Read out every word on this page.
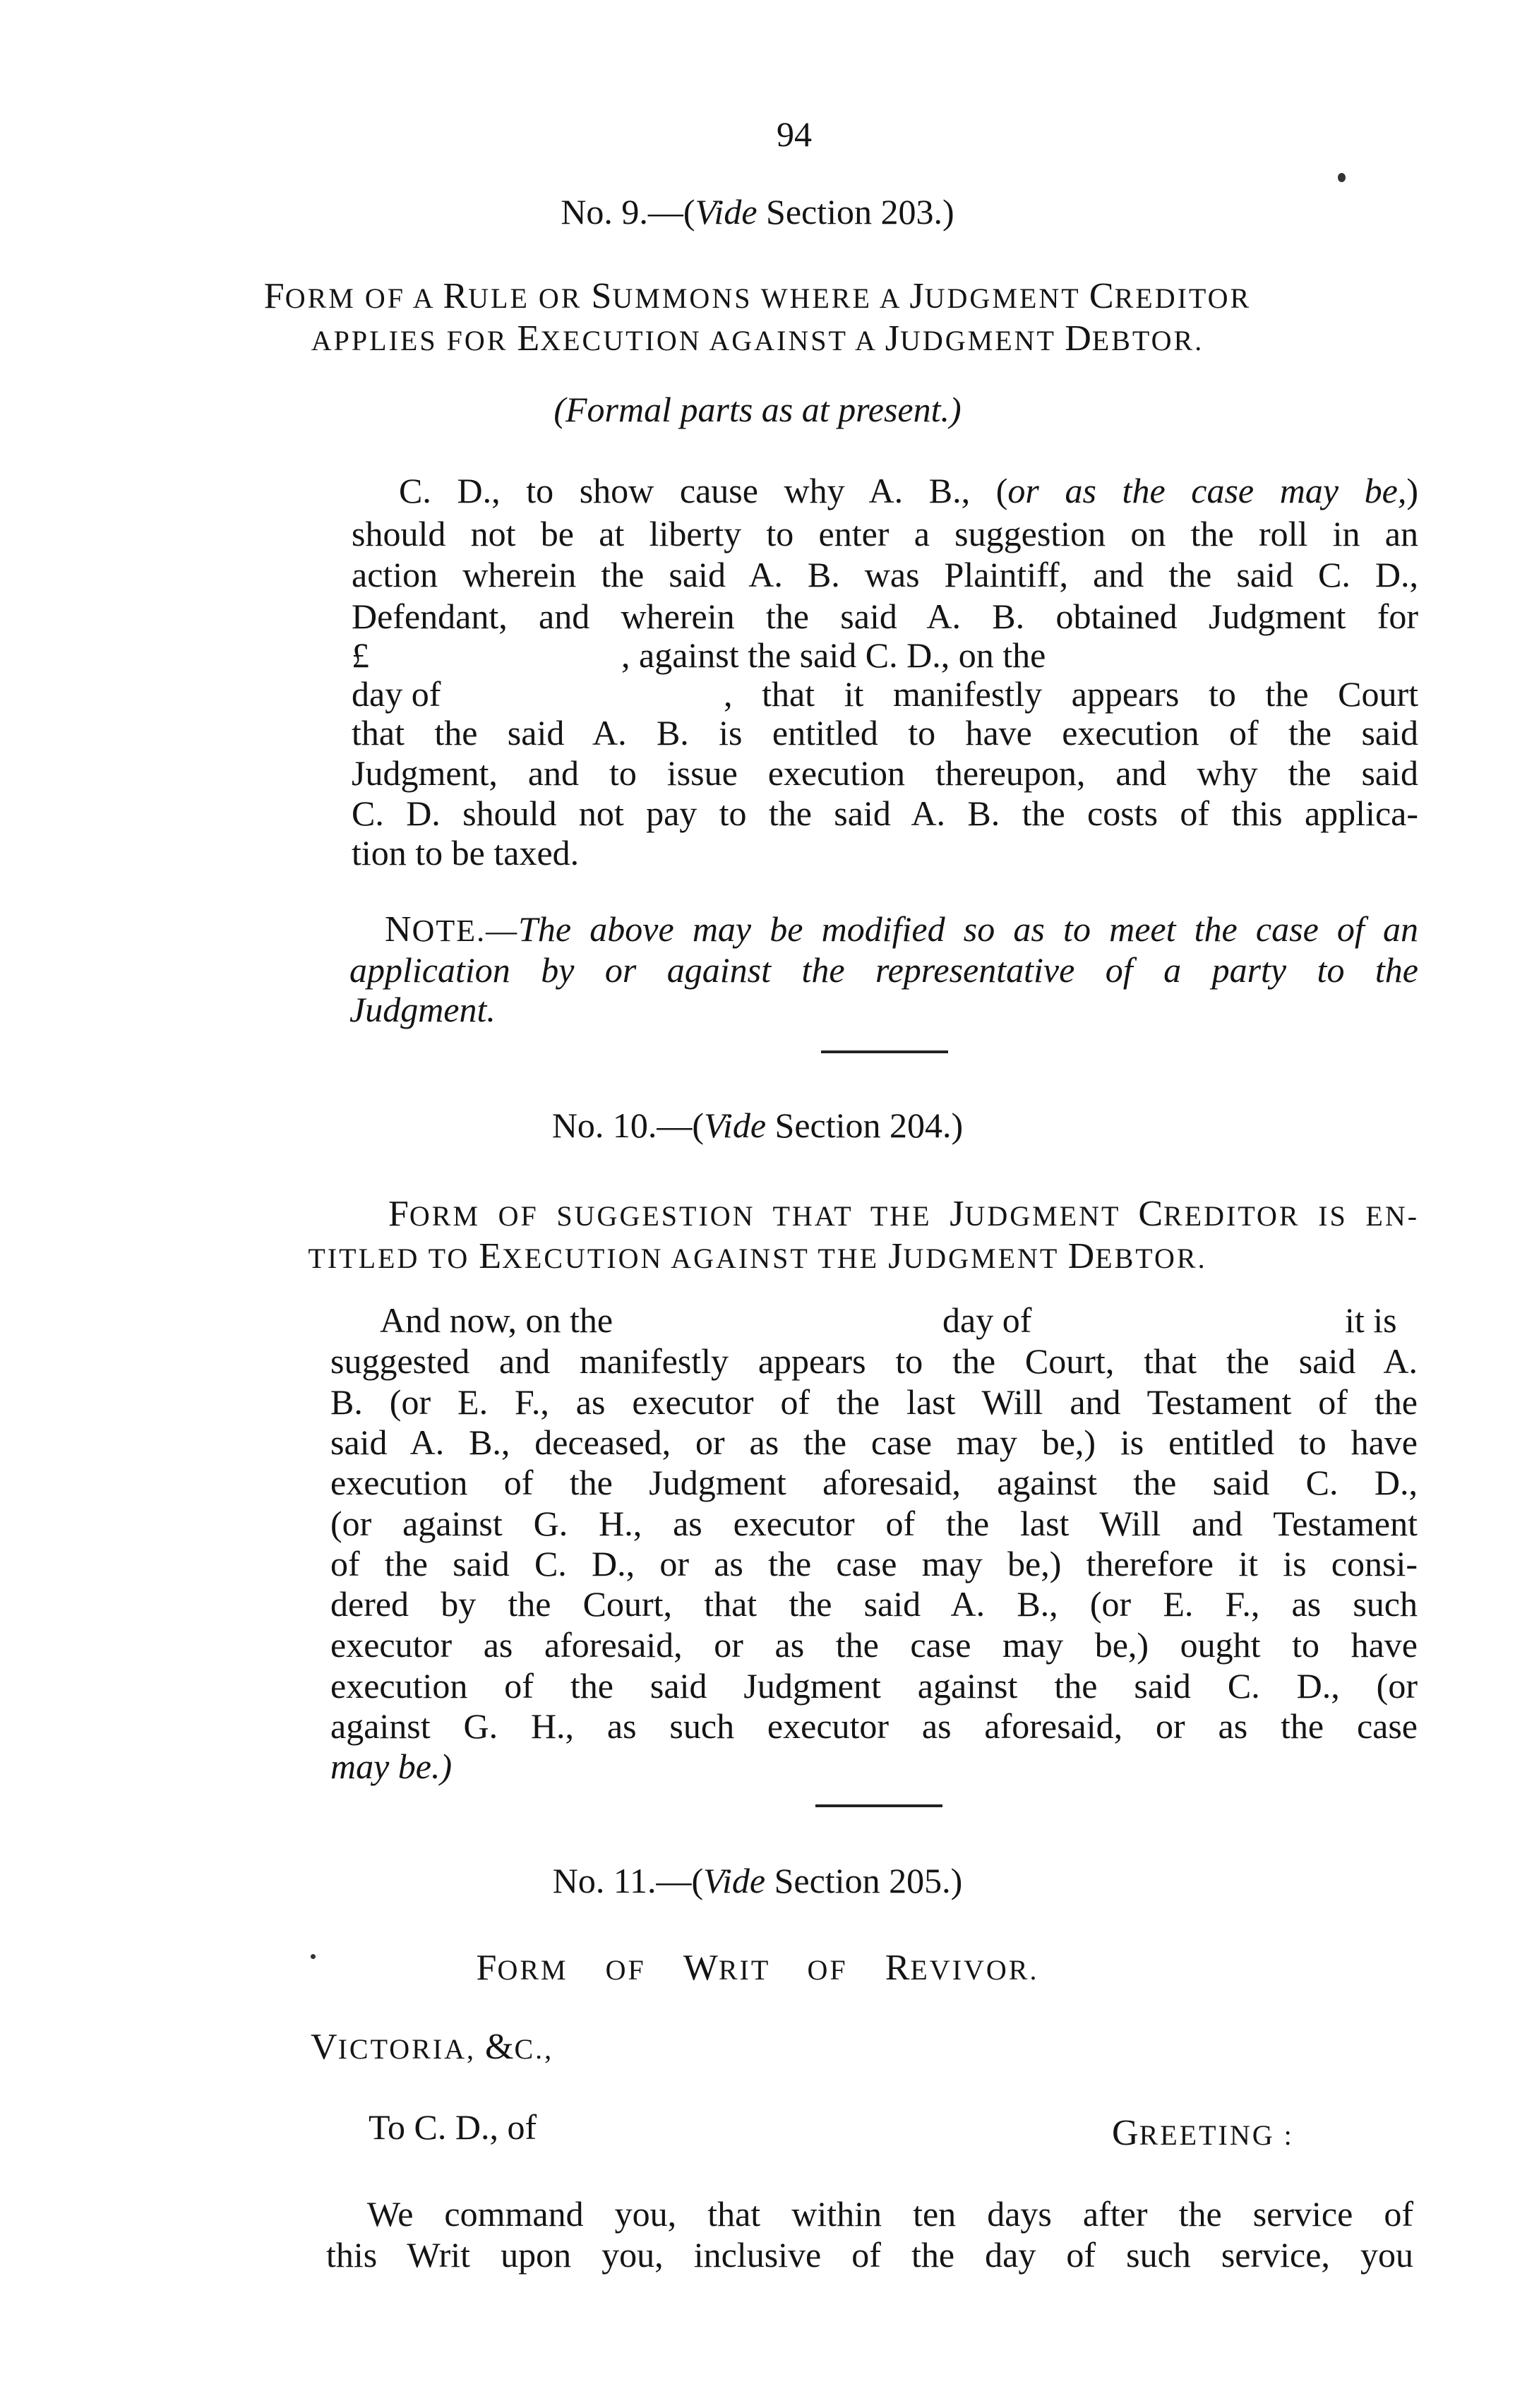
94
No. 9.—(Vide Section 203.)
FORM OF A RULE OR SUMMONS WHERE A JUDGMENT CREDITOR
APPLIES FOR EXECUTION AGAINST A JUDGMENT DEBTOR.
(Formal parts as at present.)
C. D., to show cause why A. B., (or as the case may be,)
should not be at liberty to enter a suggestion on the roll in an
action wherein the said A. B. was Plaintiff, and the said C. D.,
Defendant, and wherein the said A. B. obtained Judgment for
£	, against the said C. D., on the
day of	, that it manifestly appears to the Court
that the said A. B. is entitled to have execution of the said
Judgment, and to issue execution thereupon, and why the said
C. D. should not pay to the said A. B. the costs of this applica-
tion to be taxed.
NOTE.—The above may be modified so as to meet the case of an
application by or against the representative of a party to the
Judgment.
No. 10.—(Vide Section 204.)
FORM OF SUGGESTION THAT THE JUDGMENT CREDITOR IS EN-
TITLED TO EXECUTION AGAINST THE JUDGMENT DEBTOR.
And now, on the	day of	it is
suggested and manifestly appears to the Court, that the said A.
B. (or E. F., as executor of the last Will and Testament of the
said A. B., deceased, or as the case may be,) is entitled to have
execution of the Judgment aforesaid, against the said C. D.,
(or against G. H., as executor of the last Will and Testament
of the said C. D., or as the case may be,) therefore it is consi-
dered by the Court, that the said A. B., (or E. F., as such
executor as aforesaid, or as the case may be,) ought to have
execution of the said Judgment against the said C. D., (or
against G. H., as such executor as aforesaid, or as the case
may be.)
No. 11.—(Vide Section 205.)
FORM OF WRIT OF REVIVOR.
VICTORIA, &C.,
To C. D., of	GREETING :
We command you, that within ten days after the service of
this Writ upon you, inclusive of the day of such service, you
